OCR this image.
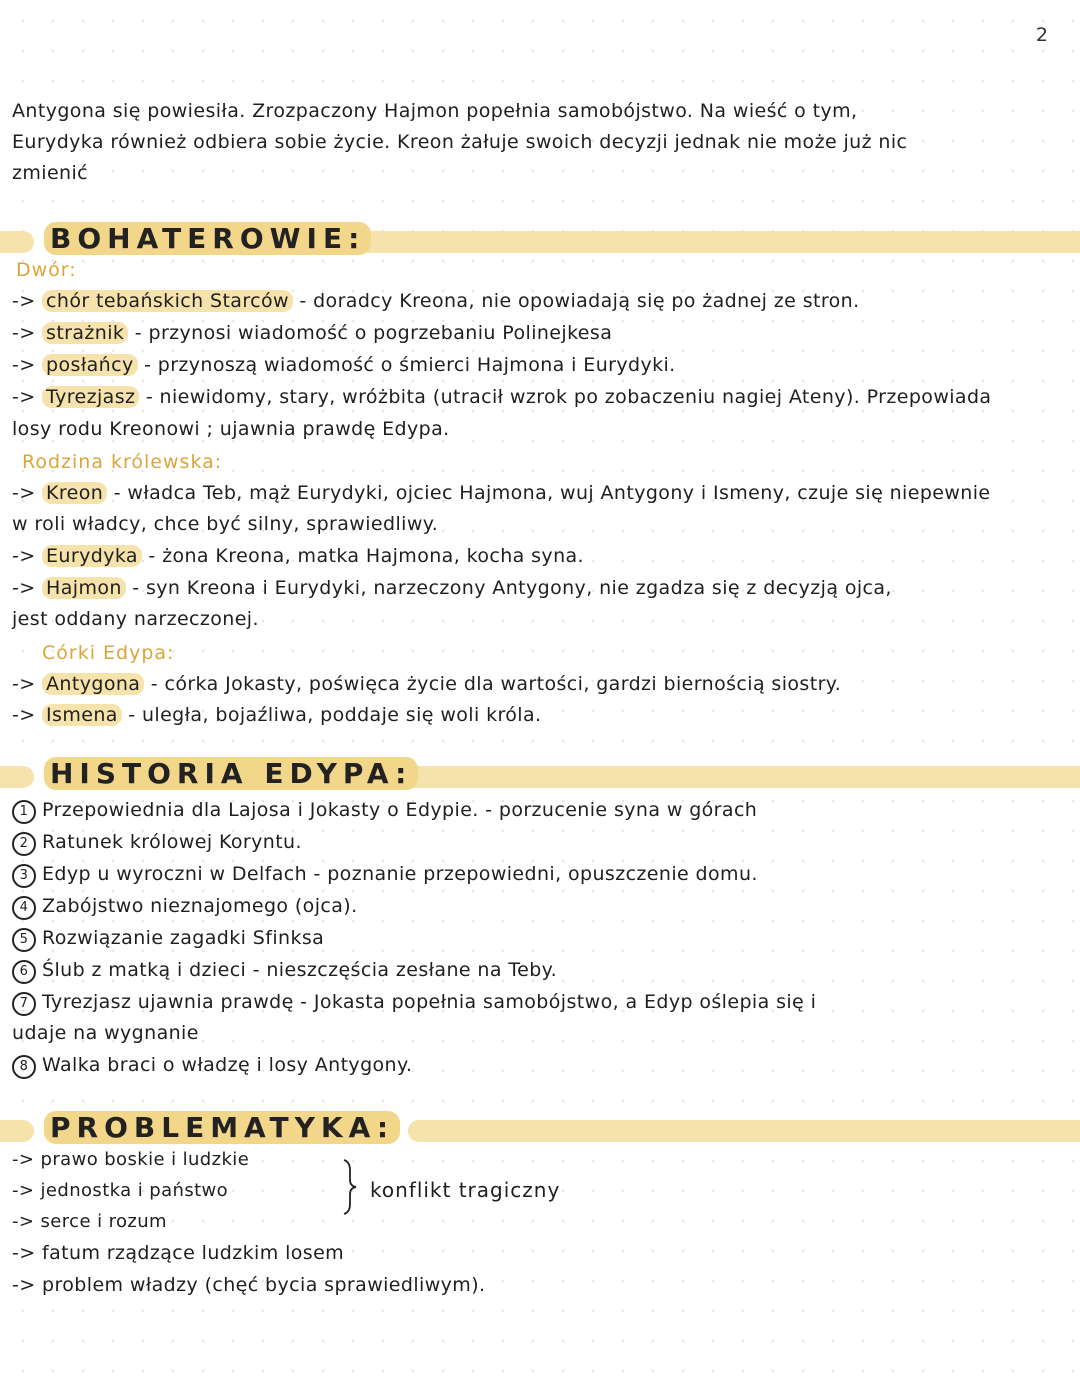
2
Antygona się powiesiła. Zrozpaczony Hajmon popełnia samobójstwo. Na wieść o tym,
Eurydyka również odbiera sobie życie. Kreon żałuje swoich decyzji jednak nie może już nic
zmienić
BOHATEROWIE:
Dwór:
-> chór tebańskich Starców - doradcy Kreona, nie opowiadają się po żadnej ze stron.
-> strażnik - przynosi wiadomość o pogrzebaniu Polinejkesa
-> posłańcy - przynoszą wiadomość o śmierci Hajmona i Eurydyki.
-> Tyrezjasz - niewidomy, stary, wróżbita (utracił wzrok po zobaczeniu nagiej Ateny). Przepowiada
losy rodu Kreonowi ; ujawnia prawdę Edypa.
Rodzina królewska:
-> Kreon - władca Teb, mąż Eurydyki, ojciec Hajmona, wuj Antygony i Ismeny, czuje się niepewnie
w roli władcy, chce być silny, sprawiedliwy.
-> Eurydyka - żona Kreona, matka Hajmona, kocha syna.
-> Hajmon - syn Kreona i Eurydyki, narzeczony Antygony, nie zgadza się z decyzją ojca,
jest oddany narzeczonej.
Córki Edypa:
-> Antygona - córka Jokasty, poświęca życie dla wartości, gardzi biernością siostry.
-> Ismena - uległa, bojaźliwa, poddaje się woli króla.
HISTORIA EDYPA:
1 Przepowiednia dla Lajosa i Jokasty o Edypie. - porzucenie syna w górach
2 Ratunek królowej Koryntu.
3 Edyp u wyroczni w Delfach - poznanie przepowiedni, opuszczenie domu.
4 Zabójstwo nieznajomego (ojca).
5 Rozwiązanie zagadki Sfinksa
6 Ślub z matką i dzieci - nieszczęścia zesłane na Teby.
7 Tyrezjasz ujawnia prawdę - Jokasta popełnia samobójstwo, a Edyp oślepia się i
udaje na wygnanie
8 Walka braci o władzę i losy Antygony.
PROBLEMATYKA:
-> prawo boskie i ludzkie
-> jednostka i państwo
-> serce i rozum
konflikt tragiczny
-> fatum rządzące ludzkim losem
-> problem władzy (chęć bycia sprawiedliwym).
